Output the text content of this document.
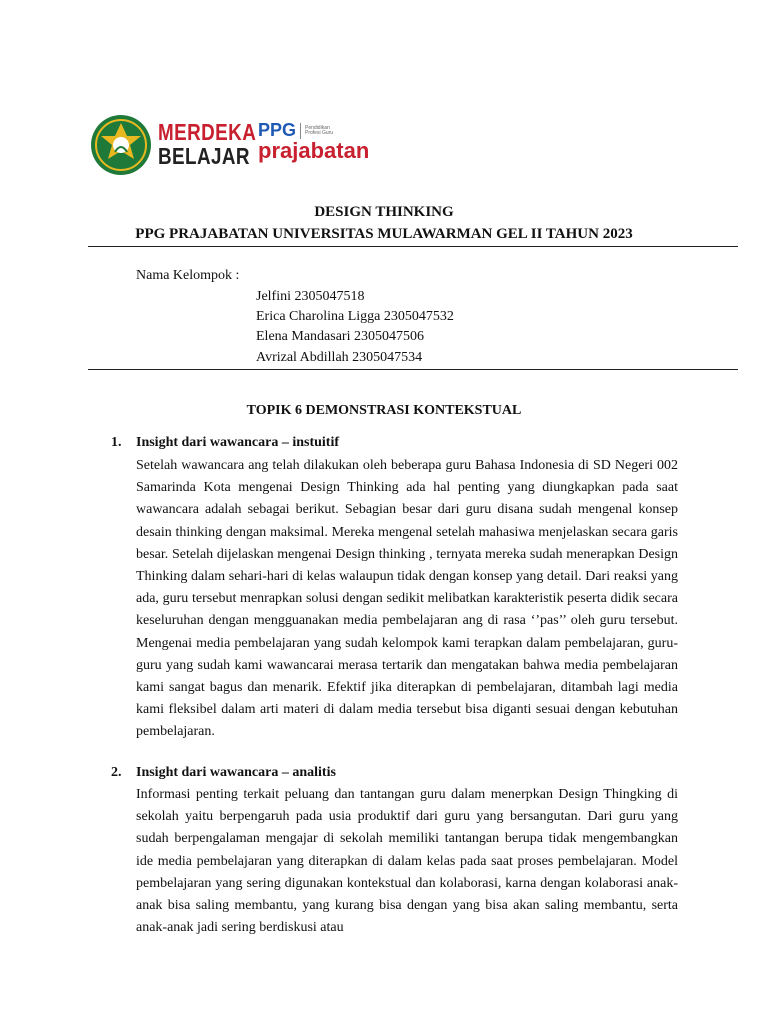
MERDEKA
BELAJAR
PPG Pendidikan Profesi Guru
prajabatan
DESIGN THINKING
PPG PRAJABATAN UNIVERSITAS MULAWARMAN GEL II TAHUN 2023
Nama Kelompok :
Jelfini 2305047518
Erica Charolina Ligga 2305047532
Elena Mandasari 2305047506
Avrizal Abdillah 2305047534
TOPIK 6 DEMONSTRASI KONTEKSTUAL
1. Insight dari wawancara – instuitif

Setelah wawancara ang telah dilakukan oleh beberapa guru Bahasa Indonesia di SD Negeri 002 Samarinda Kota mengenai Design Thinking ada hal penting yang diungkapkan pada saat wawancara adalah sebagai berikut. Sebagian besar dari guru disana sudah mengenal konsep desain thinking dengan maksimal. Mereka mengenal setelah mahasiwa menjelaskan secara garis besar. Setelah dijelaskan mengenai Design thinking , ternyata mereka sudah menerapkan Design Thinking dalam sehari-hari di kelas walaupun tidak dengan konsep yang detail. Dari reaksi yang ada, guru tersebut menrapkan solusi dengan sedikit melibatkan karakteristik peserta didik secara keseluruhan dengan mengguanakan media pembelajaran ang di rasa ‘’pas’’ oleh guru tersebut. Mengenai media pembelajaran yang sudah kelompok kami terapkan dalam pembelajaran, guru-guru yang sudah kami wawancarai merasa tertarik dan mengatakan bahwa media pembelajaran kami sangat bagus dan menarik. Efektif jika diterapkan di pembelajaran, ditambah lagi media kami fleksibel dalam arti materi di dalam media tersebut bisa diganti sesuai dengan kebutuhan pembelajaran.

2. Insight dari wawancara – analitis

Informasi penting terkait peluang dan tantangan guru dalam menerpkan Design Thingking di sekolah yaitu berpengaruh pada usia produktif dari guru yang bersangutan. Dari guru yang sudah berpengalaman mengajar di sekolah memiliki tantangan berupa tidak mengembangkan ide media pembelajaran yang diterapkan di dalam kelas pada saat proses pembelajaran. Model pembelajaran yang sering digunakan kontekstual dan kolaborasi, karna dengan kolaborasi anak-anak bisa saling membantu, yang kurang bisa dengan yang bisa akan saling membantu, serta anak-anak jadi sering berdiskusi atau
